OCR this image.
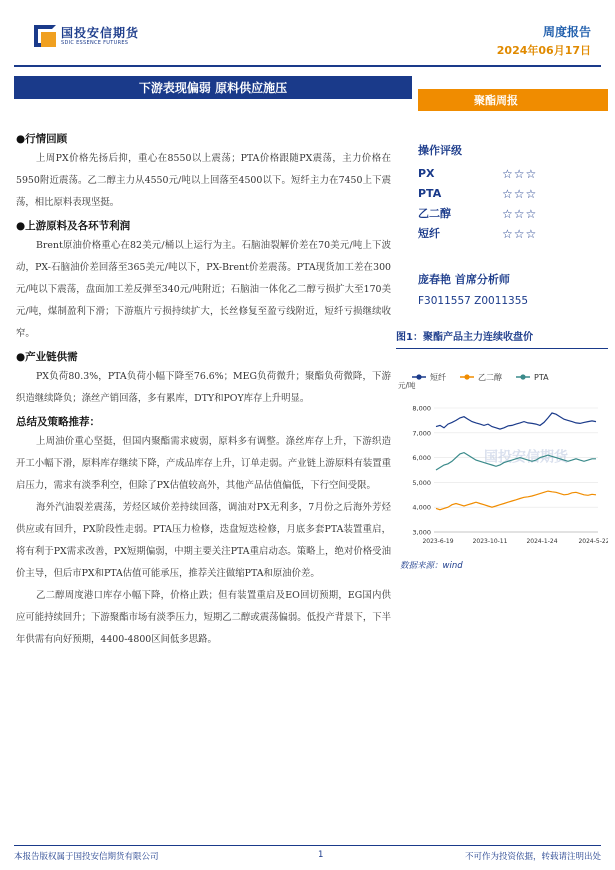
国投安信期货
SDIC ESSENCE FUTURES
周度报告
2024年06月17日
下游表现偏弱 原料供应施压
聚酯周报
●行情回顾

上周PX价格先扬后抑，重心在8550以上震荡；PTA价格跟随PX震荡，主力价格在5950附近震荡。乙二醇主力从4550元/吨以上回落至4500以下。短纤主力在7450上下震荡，相比原料表现坚挺。

●上游原料及各环节利润

Brent原油价格重心在82美元/桶以上运行为主。石脑油裂解价差在70美元/吨上下波动，PX-石脑油价差回落至365美元/吨以下，PX-Brent价差震荡。PTA现货加工差在300元/吨以下震荡，盘面加工差反弹至340元/吨附近；石脑油一体化乙二醇亏损扩大至170美元/吨，煤制盈利下滑；下游瓶片亏损持续扩大，长丝修复至盈亏线附近，短纤亏损继续收窄。

●产业链供需

PX负荷80.3%，PTA负荷小幅下降至76.6%；MEG负荷微升；聚酯负荷微降，下游织造继续降负；涤丝产销回落，多有累库，DTY和POY库存上升明显。

总结及策略推荐：

上周油价重心坚挺，但国内聚酯需求疲弱，原料多有调整。涤丝库存上升，下游织造开工小幅下滑，原料库存继续下降，产成品库存上升，订单走弱。产业链上游原料有装置重启压力，需求有淡季利空，但除了PX估值较高外，其他产品估值偏低，下行空间受限。

海外汽油裂差震荡，芳烃区域价差持续回落，调油对PX无利多，7月份之后海外芳烃供应或有回升，PX阶段性走弱。PTA压力检修，迭盘短迭检修，月底多套PTA装置重启，将有利于PX需求改善，PX短期偏弱，中期主要关注PTA重启动态。策略上，绝对价格受油价主导，但后市PX和PTA估值可能承压，推荐关注做缩PTA和原油价差。

乙二醇周度港口库存小幅下降，价格止跌；但有装置重启及EO回切预期，EG国内供应可能持续回升；下游聚酯市场有淡季压力，短期乙二醇或震荡偏弱。低投产背景下，下半年供需有向好预期，4400-4800区间低多思路。

操作评级
PX	☆☆☆
PTA	☆☆☆
乙二醇	☆☆☆
短纤	☆☆☆
庞春艳 首席分析师
F3011557 Z0011355
图1：聚酯产品主力连续收盘价
短纤	乙二醇	PTA
元/吨
3,000
4,000
5,000
6,000
7,000
8,000
2023-6-19	2023-10-11	2024-1-24	2024-5-22
国投安信期货
数据来源：wind
本报告版权属于国投安信期货有限公司	1	不可作为投资依据，转载请注明出处
